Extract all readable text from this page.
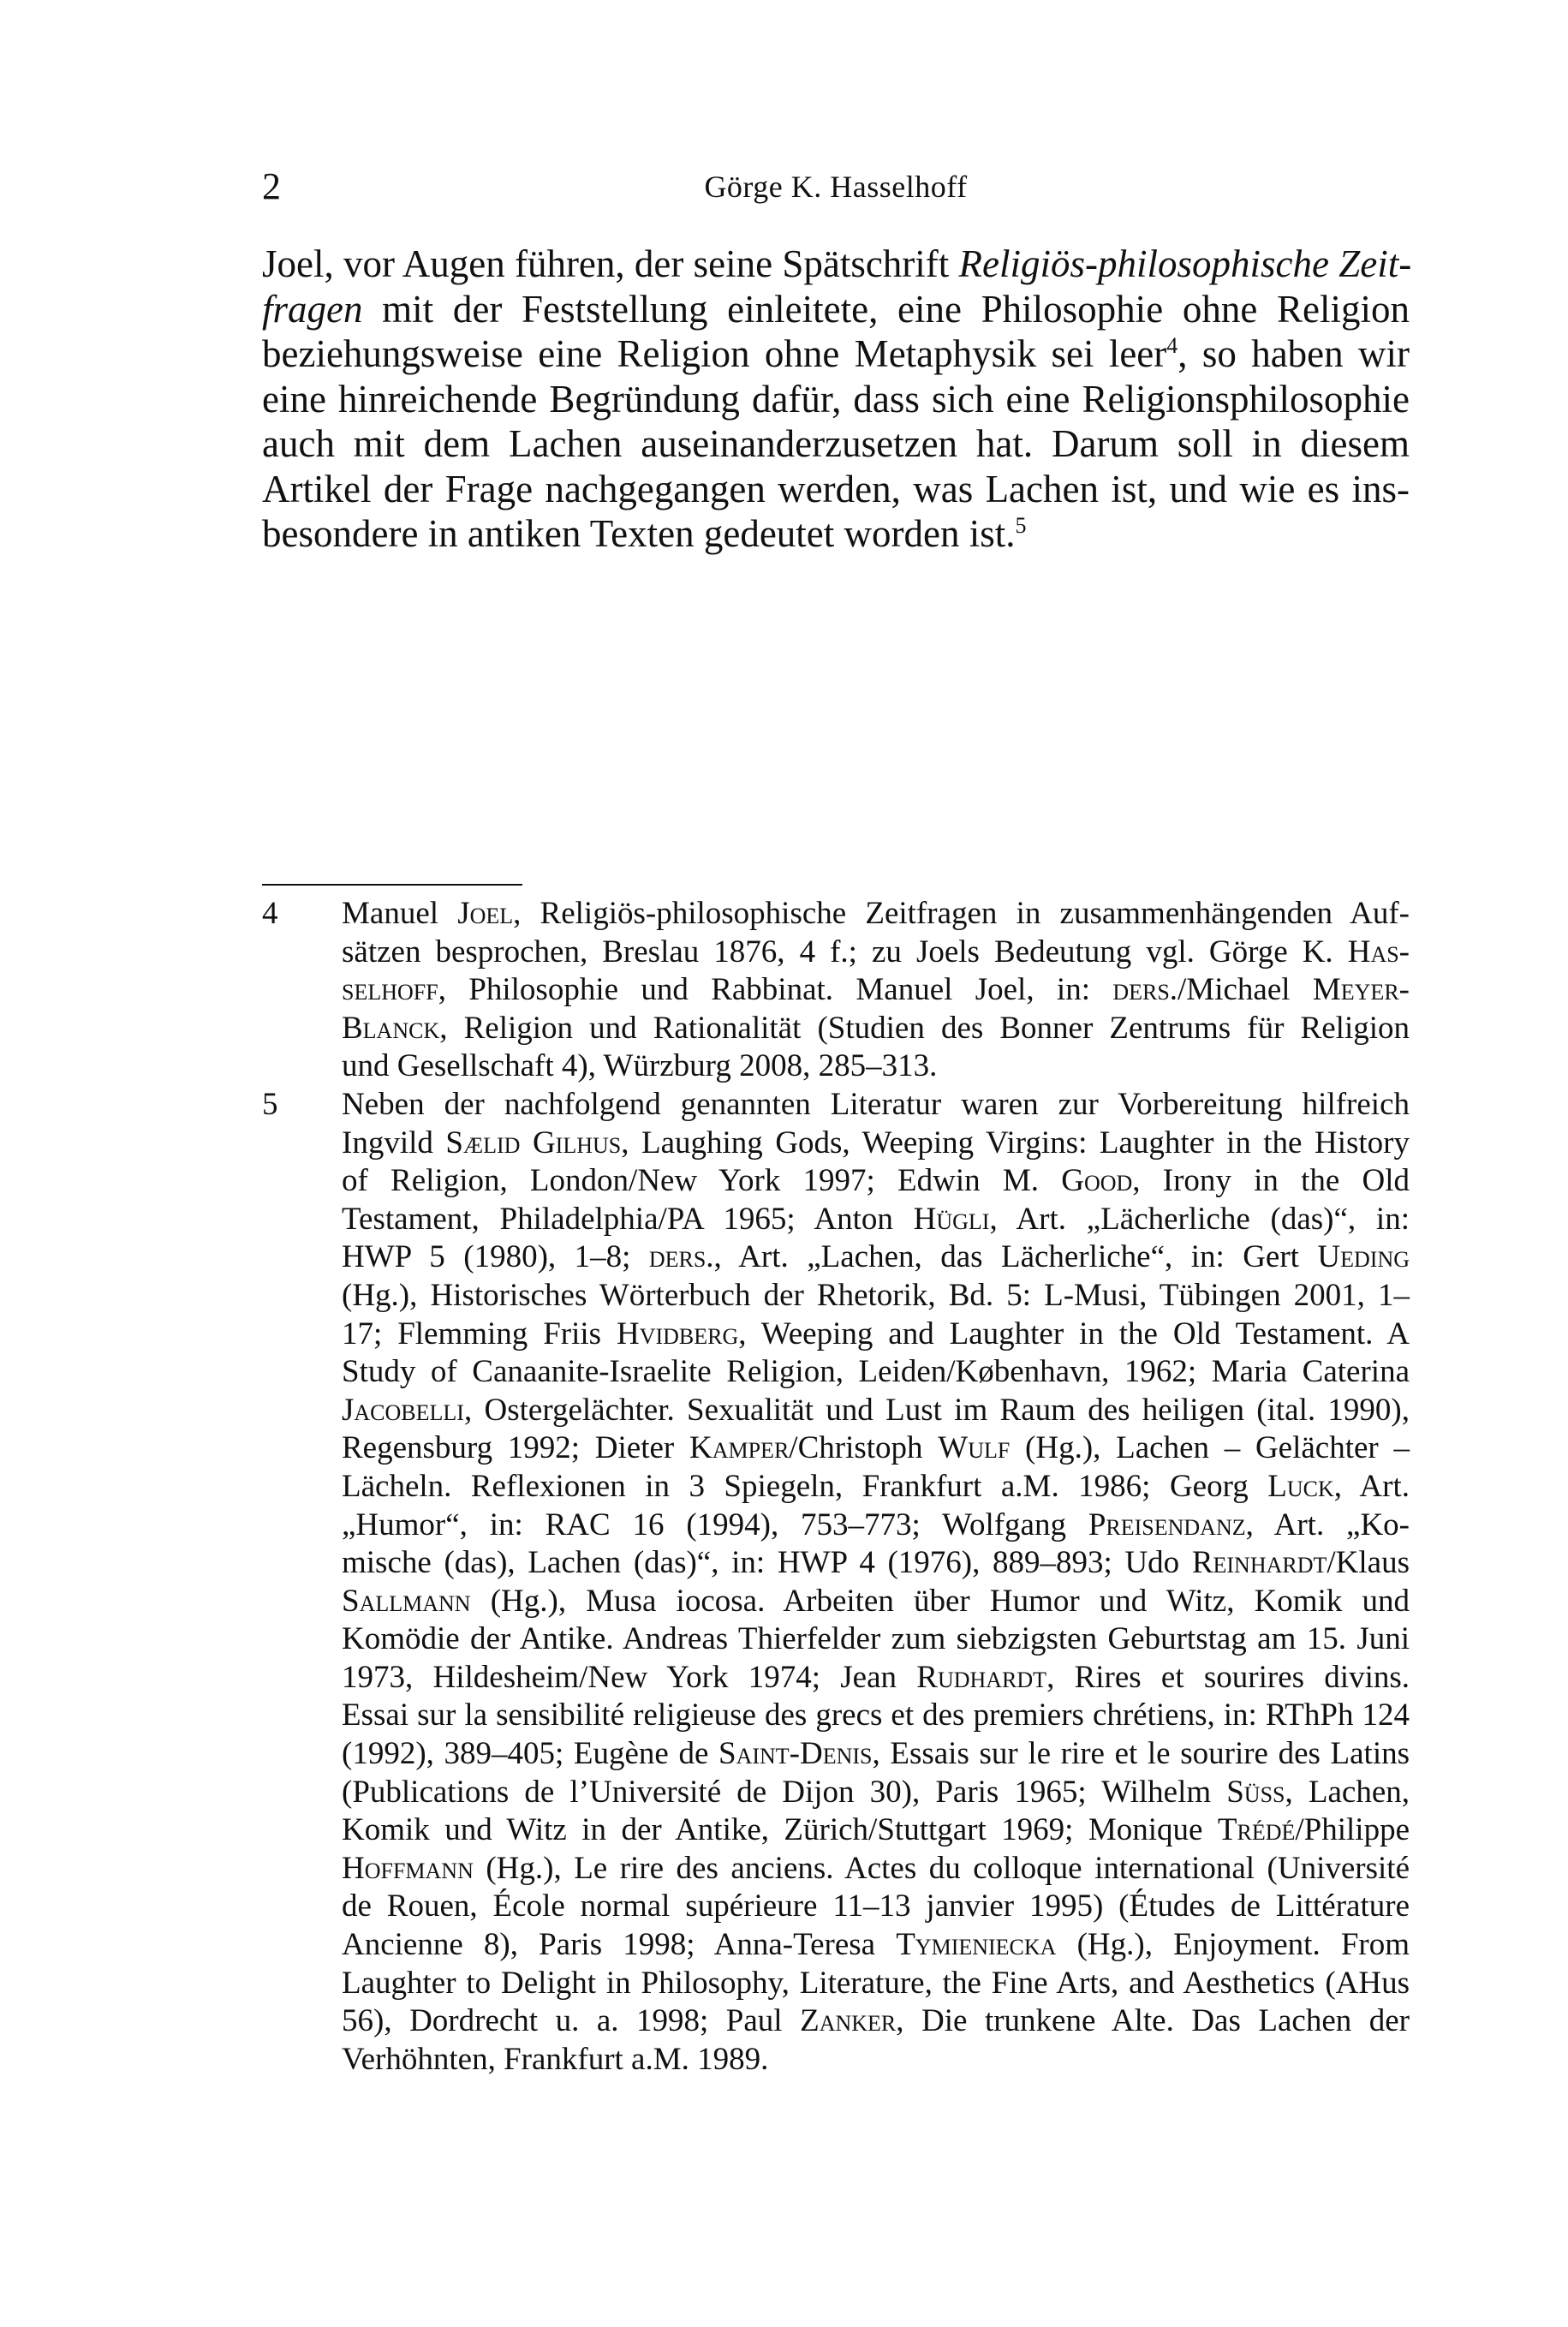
2	Görge K. Hasselhoff
Joel, vor Augen führen, der seine Spätschrift Religiös-philosophische Zeit-
fragen mit der Feststellung einleitete, eine Philosophie ohne Religion
beziehungsweise eine Religion ohne Metaphysik sei leer$^4$, so haben wir
eine hinreichende Begründung dafür, dass sich eine Religionsphilosophie
auch mit dem Lachen auseinanderzusetzen hat. Darum soll in diesem
Artikel der Frage nachgegangen werden, was Lachen ist, und wie es ins-
besondere in antiken Texten gedeutet worden ist.$^5$
4 Manuel Joel, Religiös-philosophische Zeitfragen in zusammenhängenden Auf-
sätzen besprochen, Breslau 1876, 4 f.; zu Joels Bedeutung vgl. Görge K. Has-
selhoff, Philosophie und Rabbinat. Manuel Joel, in: ders./Michael Meyer-
Blanck, Religion und Rationalität (Studien des Bonner Zentrums für Religion
und Gesellschaft 4), Würzburg 2008, 285–313.
5 Neben der nachfolgend genannten Literatur waren zur Vorbereitung hilfreich
Ingvild Sælid Gilhus, Laughing Gods, Weeping Virgins: Laughter in the History
of Religion, London/New York 1997; Edwin M. Good, Irony in the Old
Testament, Philadelphia/PA 1965; Anton Hügli, Art. „Lächerliche (das)“, in:
HWP 5 (1980), 1–8; ders., Art. „Lachen, das Lächerliche“, in: Gert Ueding
(Hg.), Historisches Wörterbuch der Rhetorik, Bd. 5: L-Musi, Tübingen 2001, 1–
17; Flemming Friis Hvidberg, Weeping and Laughter in the Old Testament. A
Study of Canaanite-Israelite Religion, Leiden/København, 1962; Maria Caterina
Jacobelli, Ostergelächter. Sexualität und Lust im Raum des heiligen (ital. 1990),
Regensburg 1992; Dieter Kamper/Christoph Wulf (Hg.), Lachen – Gelächter –
Lächeln. Reflexionen in 3 Spiegeln, Frankfurt a.M. 1986; Georg Luck, Art.
„Humor“, in: RAC 16 (1994), 753–773; Wolfgang Preisendanz, Art. „Ko-
mische (das), Lachen (das)“, in: HWP 4 (1976), 889–893; Udo Reinhardt/Klaus
Sallmann (Hg.), Musa iocosa. Arbeiten über Humor und Witz, Komik und
Komödie der Antike. Andreas Thierfelder zum siebzigsten Geburtstag am 15. Juni
1973, Hildesheim/New York 1974; Jean Rudhardt, Rires et sourires divins.
Essai sur la sensibilité religieuse des grecs et des premiers chrétiens, in: RThPh 124
(1992), 389–405; Eugène de Saint-Denis, Essais sur le rire et le sourire des Latins
(Publications de l’Université de Dijon 30), Paris 1965; Wilhelm Süss, Lachen,
Komik und Witz in der Antike, Zürich/Stuttgart 1969; Monique Trédé/Philippe
Hoffmann (Hg.), Le rire des anciens. Actes du colloque international (Université
de Rouen, École normal supérieure 11–13 janvier 1995) (Études de Littérature
Ancienne 8), Paris 1998; Anna-Teresa Tymieniecka (Hg.), Enjoyment. From
Laughter to Delight in Philosophy, Literature, the Fine Arts, and Aesthetics (AHus
56), Dordrecht u. a. 1998; Paul Zanker, Die trunkene Alte. Das Lachen der
Verhöhnten, Frankfurt a.M. 1989.
